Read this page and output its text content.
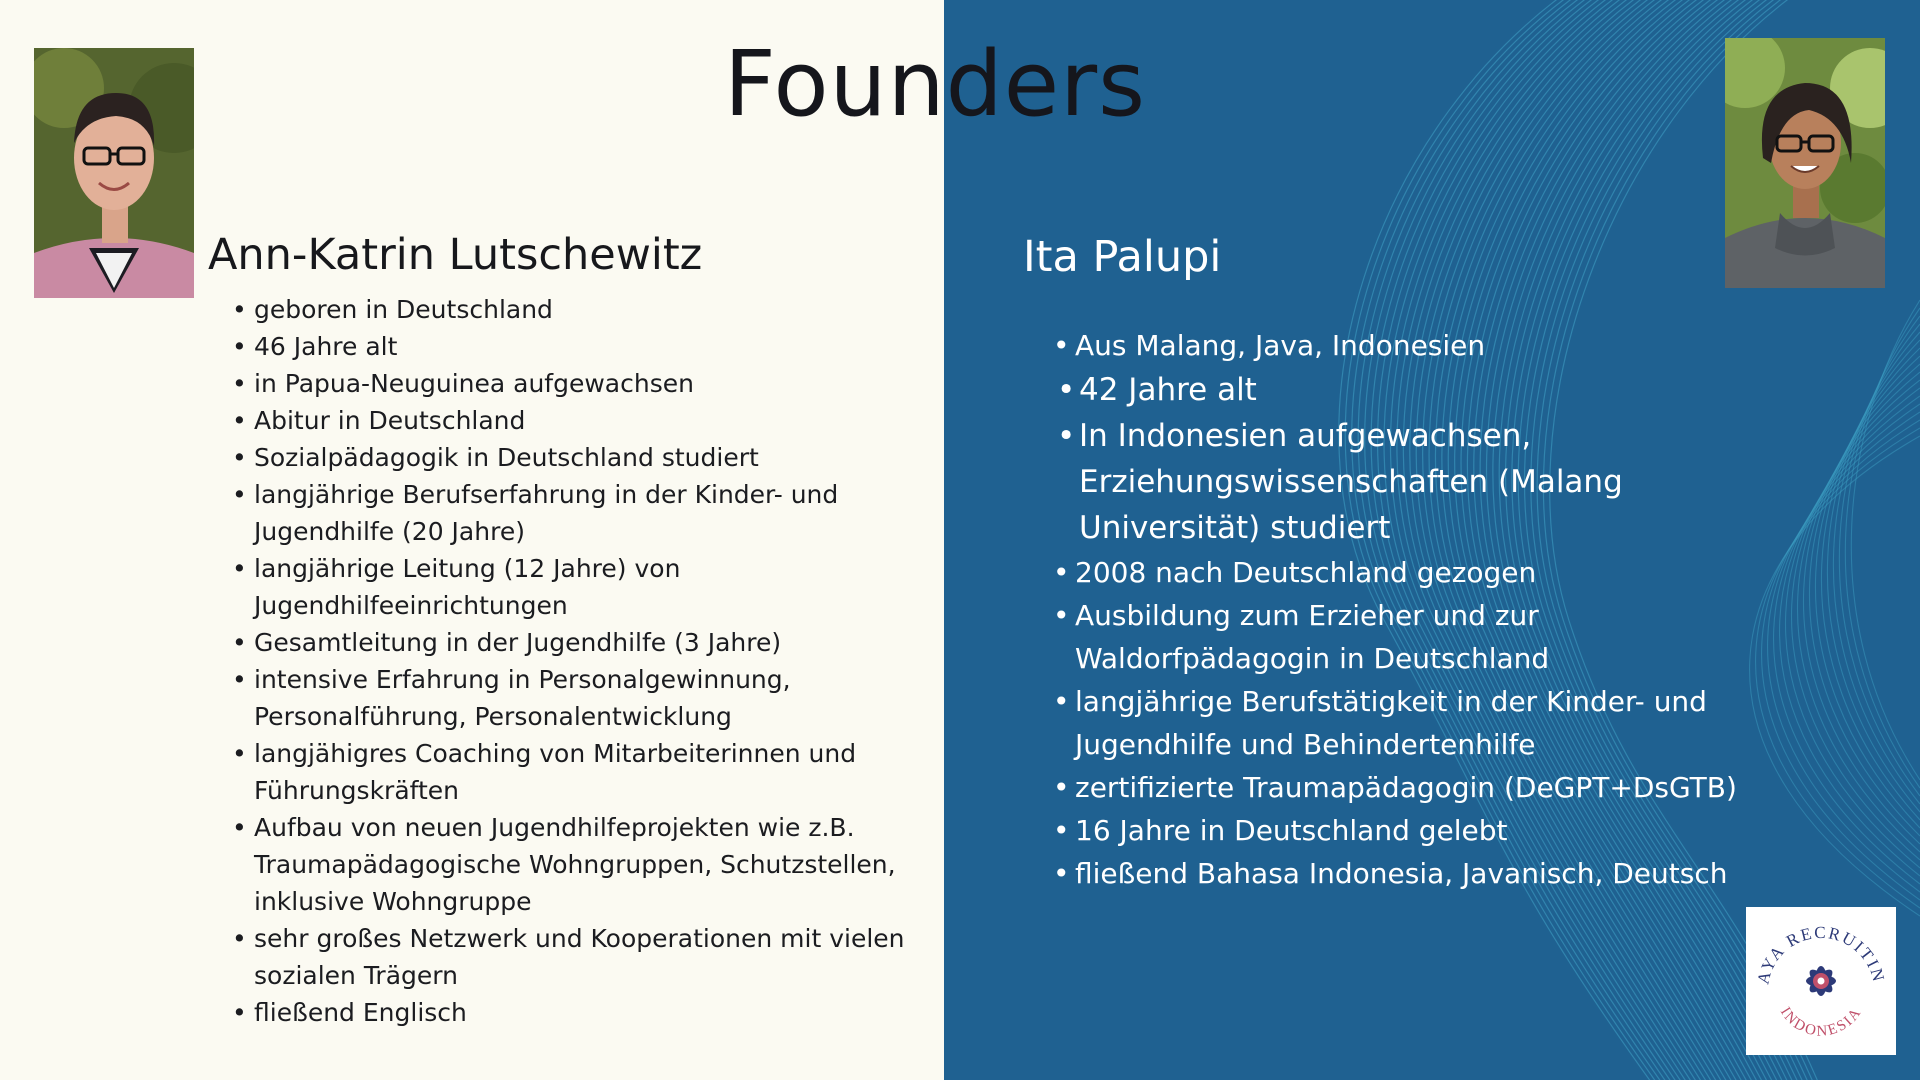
Founders
Ann-Katrin Lutschewitz	Ita Palupi
• geboren in Deutschland
• 46 Jahre alt
• in Papua-Neuguinea aufgewachsen
• Abitur in Deutschland
• Sozialpädagogik in Deutschland studiert
• langjährige Berufserfahrung in der Kinder- und
Jugendhilfe (20 Jahre)
• langjährige Leitung (12 Jahre) von
Jugendhilfeeinrichtungen
• Gesamtleitung in der Jugendhilfe (3 Jahre)
• intensive Erfahrung in Personalgewinnung,
Personalführung, Personalentwicklung
• langjähigres Coaching von Mitarbeiterinnen und
Führungskräften
• Aufbau von neuen Jugendhilfeprojekten wie z.B.
Traumapädagogische Wohngruppen, Schutzstellen,
inklusive Wohngruppe
• sehr großes Netzwerk und Kooperationen mit vielen
sozialen Trägern
• fließend Englisch
• Aus Malang, Java, Indonesien
• 42 Jahre alt
• In Indonesien aufgewachsen,
Erziehungswissenschaften (Malang
Universität) studiert
• 2008 nach Deutschland gezogen
• Ausbildung zum Erzieher und zur
Waldorfpädagogin in Deutschland
• langjährige Berufstätigkeit in der Kinder- und
Jugendhilfe und Behindertenhilfe
• zertifizierte Traumapädagogin (DeGPT+DsGTB)
• 16 Jahre in Deutschland gelebt
• fließend Bahasa Indonesia, Javanisch, Deutsch
AYA RECRUITIN
INDONESIA
